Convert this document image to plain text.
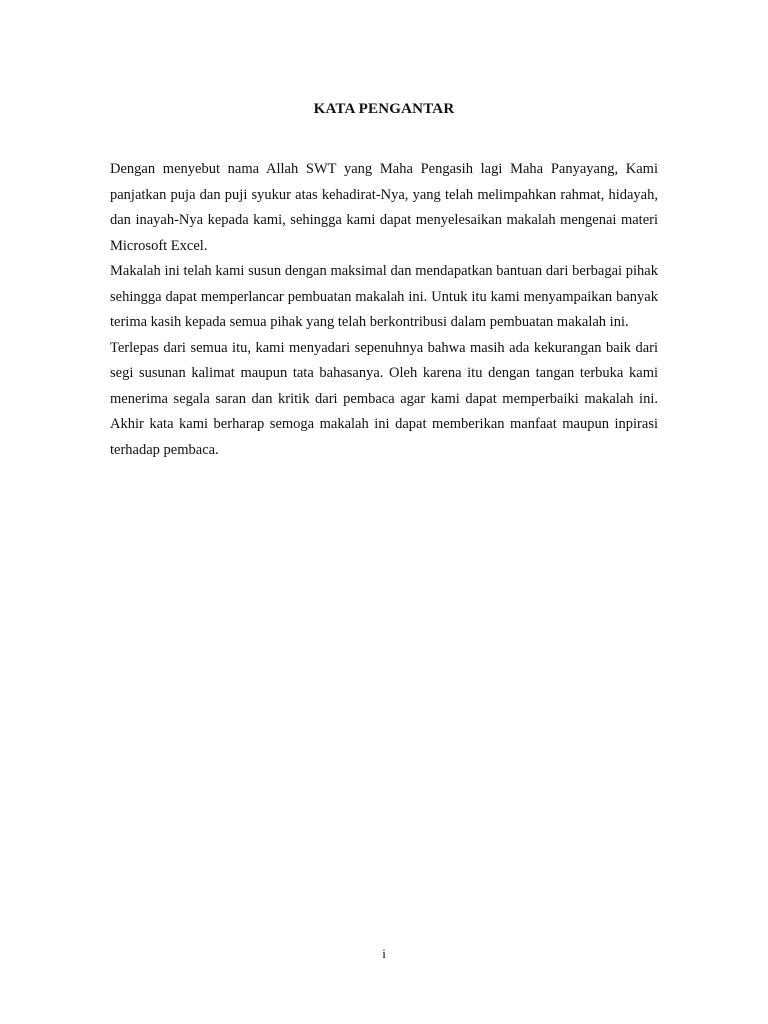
KATA PENGANTAR

Dengan menyebut nama Allah SWT yang Maha Pengasih lagi Maha Panyayang, Kami panjatkan puja dan puji syukur atas kehadirat-Nya, yang telah melimpahkan rahmat, hidayah, dan inayah-Nya kepada kami, sehingga kami dapat menyelesaikan makalah mengenai materi Microsoft Excel.

Makalah ini telah kami susun dengan maksimal dan mendapatkan bantuan dari berbagai pihak sehingga dapat memperlancar pembuatan makalah ini. Untuk itu kami menyampaikan banyak terima kasih kepada semua pihak yang telah berkontribusi dalam pembuatan makalah ini.

Terlepas dari semua itu, kami menyadari sepenuhnya bahwa masih ada kekurangan baik dari segi susunan kalimat maupun tata bahasanya. Oleh karena itu dengan tangan terbuka kami menerima segala saran dan kritik dari pembaca agar kami dapat memperbaiki makalah ini. Akhir kata kami berharap semoga makalah ini dapat memberikan manfaat maupun inpirasi terhadap pembaca.

i
